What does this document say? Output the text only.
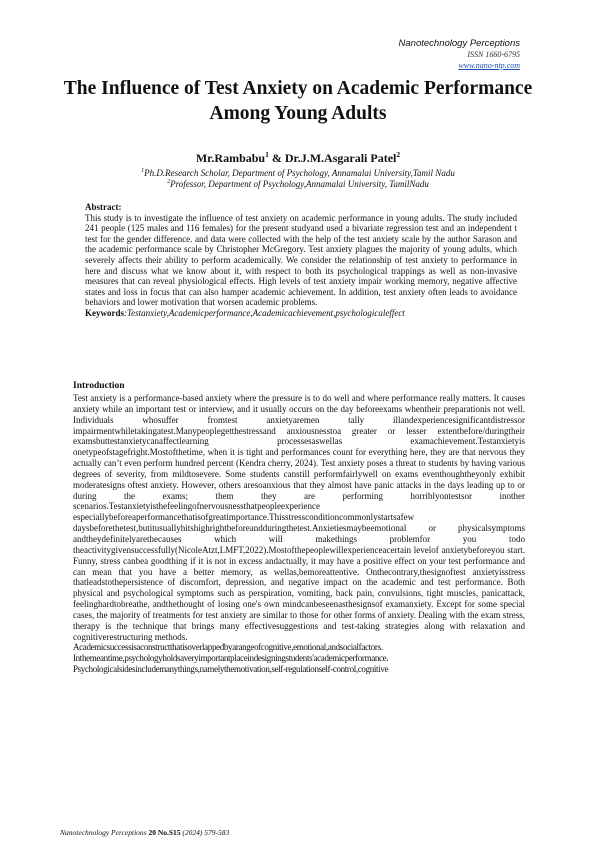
Nanotechnology Perceptions
ISSN 1660-6795
www.nano-ntp.com
The Influence of Test Anxiety on Academic Performance Among Young Adults
Mr.Rambabu$^1$ & Dr.J.M.Asgarali Patel$^2$
$^1$Ph.D.Research Scholar, Department of Psychology, Annamalai University,Tamil Nadu
$^2$Professor, Department of Psychology,Annamalai University, TamilNadu
Abstract:
This study is to investigate the influence of test anxiety on academic performance in young adults. The study included 241 people (125 males and 116 females) for the present studyand used a bivariate regression test and an independent t test for the gender difference. and data were collected with the help of the test anxiety scale by the author Sarason and the academic performance scale by Christopher McGregory. Test anxiety plagues the majority of young adults, which severely affects their ability to perform academically. We consider the relationship of test anxiety to performance in here and discuss what we know about it, with respect to both its psychological trappings as well as non-invasive measures that can reveal physiological effects. High levels of test anxiety impair working memory, negative affective states and loss in focus that can also hamper academic achievement. In addition, test anxiety often leads to avoidance behaviors and lower motivation that worsen academic problems.
Keywords:Testanxiety,Academicperformance,Academicachievement,psychologicaleffect
Introduction

Test anxiety is a performance-based anxiety where the pressure is to do well and where performance really matters. It causes anxiety while an important test or interview, and it usually occurs on the day beforeexams whentheir preparationis not well. Individuals whosuffer fromtest anxietyaremen tally illandexperiencesignificantdistressor impairmentwhiletakingatest.Manypeoplegetthestressand anxiousnesstoa greater or lesser extentbefore/duringtheir examsbuttestanxietycanaffectlearning processesaswellas examachievement.Testanxietyis onetypeofstagefright.Mostofthetime, when it is tight and performances count for everything here, they are that nervous they actually can’t even perform hundred percent (Kendra cherry, 2024). Test anxiety poses a threat to students by having various degrees of severity, from mildtosevere. Some students canstill performfairlywell on exams eventhoughtheyonly exhibit moderatesigns oftest anxiety. However, others aresoanxious that they almost have panic attacks in the days leading up to or during the exams; them they are performing horriblyontestsor inother scenarios.Testanxietyisthefeelingofnervousnessthatpeopleexperience especiallybeforeaperformancethatisofgreatimportance.Thisstressconditioncommonlystartsafew daysbeforethetest,butitusuallyhitshighrightbeforeandduringthetest.Anxietiesmaybeemotional or physicalsymptoms andtheydefinitelyarethecauses which will makethings problemfor you todo theactivitygivensuccessfully(NicoleAtzt,LMFT,2022).Mostofthepeoplewillexperienceacertain levelof anxietybeforeyou start. Funny, stress canbea goodthing if it is not in excess andactually, it may have a positive effect on your test performance and can mean that you have a better memory, as wellas,bemoreattentive. Onthecontrary,thesignoftest anxietyisstress thatleadstothepersistence of discomfort, depression, and negative impact on the academic and test performance. Both physical and psychological symptoms such as perspiration, vomiting, back pain, convulsions, tight muscles, panicattack, feelinghardtobreathe, andthethought of losing one's own mindcanbeseenasthesignsof examanxiety. Except for some special cases, the majority of treatments for test anxiety are similar to those for other forms of anxiety. Dealing with the exam stress, therapy is the technique that brings many effectivesuggestions and test-taking strategies along with relaxation and cognitiverestructuring methods.

Academicsuccessisaconstructthatisoverlappedbyarangeofcognitive,emotional,andsocialfactors.

Inthemeantime,psychologyholdsaveryimportantplaceindesigningstudents'academicperformance.

Psychologicalsidesincludemanythings,namelythemotivation,self-regulationself-control,cognitive

Nanotechnology Perceptions 20 No.S15 (2024) 579-583
